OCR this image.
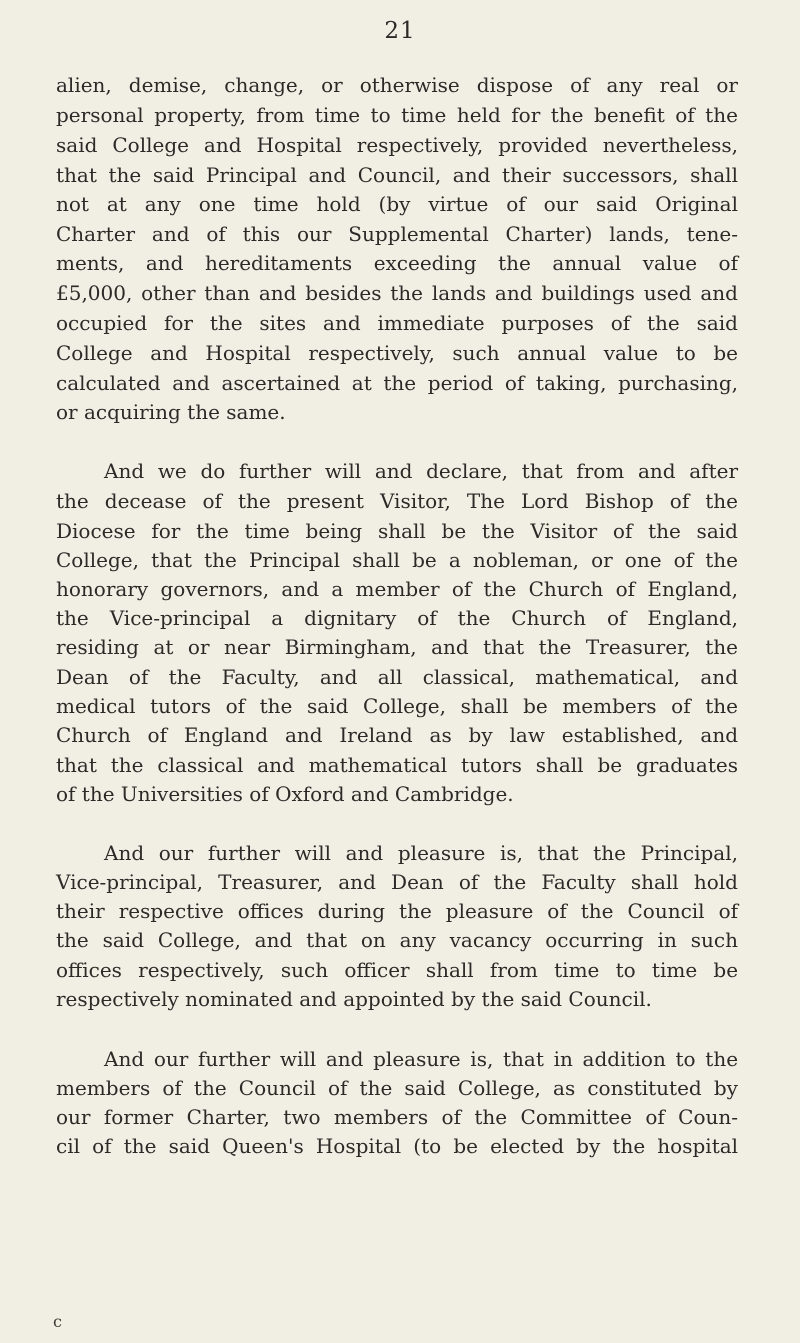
21
alien, demise, change, or otherwise dispose of any real or
personal property, from time to time held for the benefit of the
said College and Hospital respectively, provided nevertheless,
that the said Principal and Council, and their successors, shall
not at any one time hold (by virtue of our said Original
Charter and of this our Supplemental Charter) lands, tene-
ments, and hereditaments exceeding the annual value of
£5,000, other than and besides the lands and buildings used and
occupied for the sites and immediate purposes of the said
College and Hospital respectively, such annual value to be
calculated and ascertained at the period of taking, purchasing,
or acquiring the same.
And we do further will and declare, that from and after
the decease of the present Visitor, The Lord Bishop of the
Diocese for the time being shall be the Visitor of the said
College, that the Principal shall be a nobleman, or one of the
honorary governors, and a member of the Church of England,
the Vice-principal a dignitary of the Church of England,
residing at or near Birmingham, and that the Treasurer, the
Dean of the Faculty, and all classical, mathematical, and
medical tutors of the said College, shall be members of the
Church of England and Ireland as by law established, and
that the classical and mathematical tutors shall be graduates
of the Universities of Oxford and Cambridge.
And our further will and pleasure is, that the Principal,
Vice-principal, Treasurer, and Dean of the Faculty shall hold
their respective offices during the pleasure of the Council of
the said College, and that on any vacancy occurring in such
offices respectively, such officer shall from time to time be
respectively nominated and appointed by the said Council.
And our further will and pleasure is, that in addition to the
members of the Council of the said College, as constituted by
our former Charter, two members of the Committee of Coun-
cil of the said Queen's Hospital (to be elected by the hospital
c
